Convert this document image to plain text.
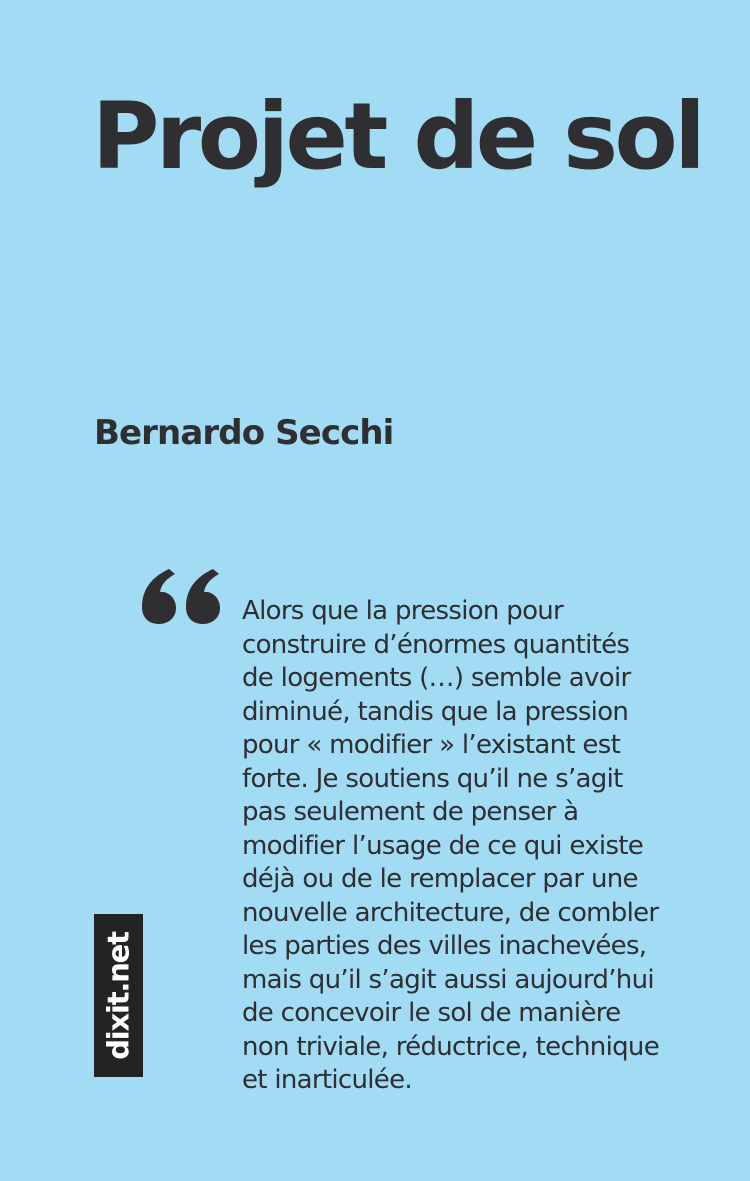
Projet de sol
Bernardo Secchi
Alors que la pression pour
construire d’énormes quantités
de logements (…) semble avoir
diminué, tandis que la pression
pour « modifier » l’existant est
forte. Je soutiens qu’il ne s’agit
pas seulement de penser à
modifier l’usage de ce qui existe
déjà ou de le remplacer par une
nouvelle architecture, de combler
les parties des villes inachevées,
mais qu’il s’agit aussi aujourd’hui
de concevoir le sol de manière
non triviale, réductrice, technique
et inarticulée.
dixit.net
